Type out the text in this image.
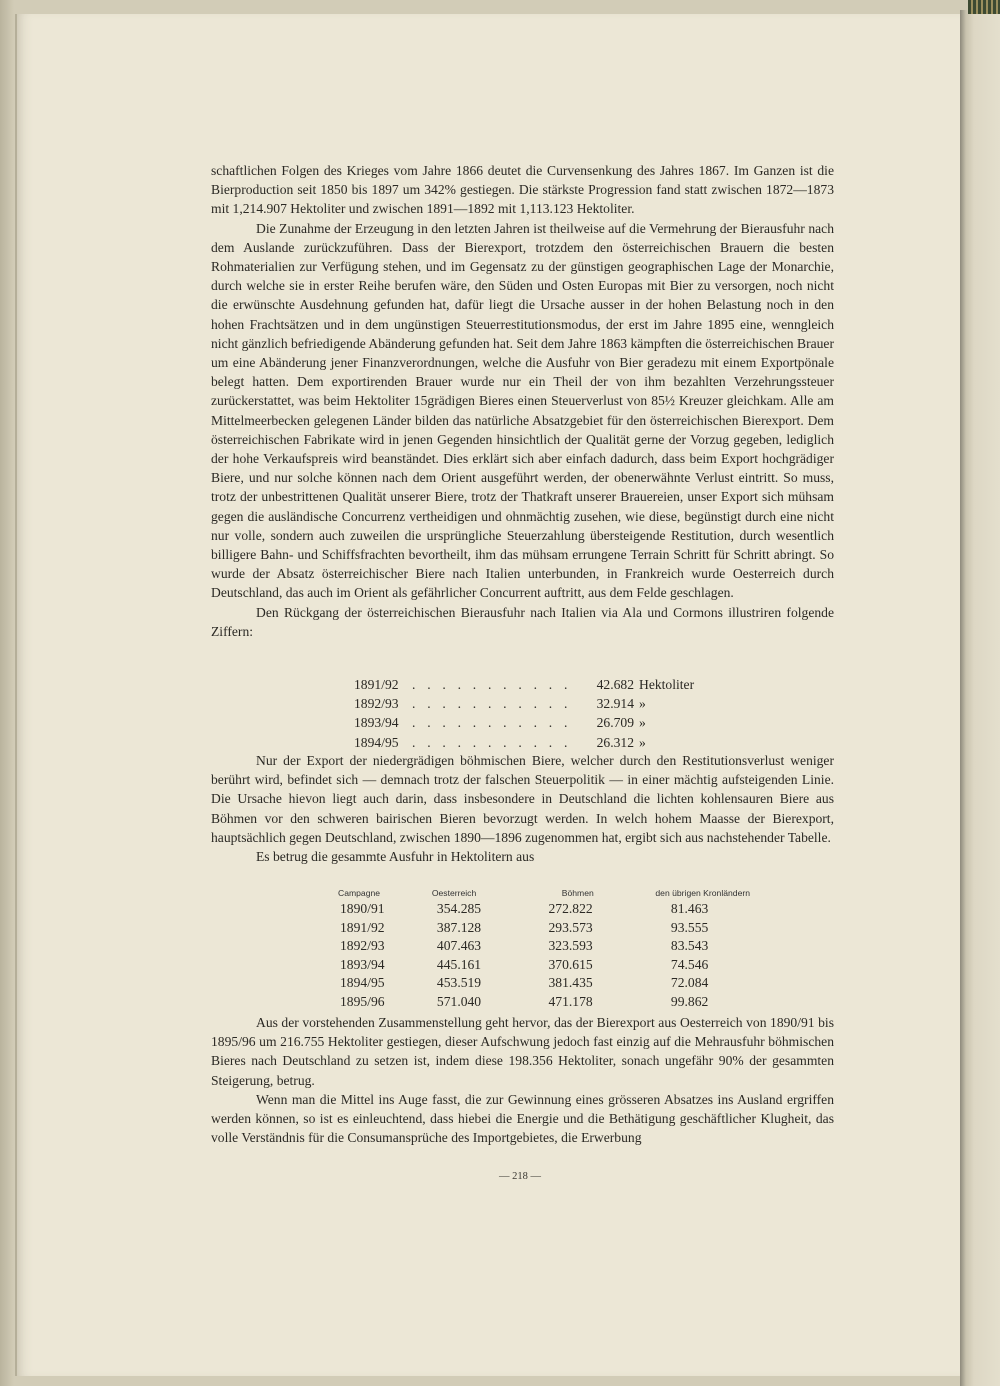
schaftlichen Folgen des Krieges vom Jahre 1866 deutet die Curvensenkung des Jahres 1867. Im Ganzen ist die Bierproduction seit 1850 bis 1897 um 342% gestiegen. Die stärkste Progression fand statt zwischen 1872—1873 mit 1,214.907 Hektoliter und zwischen 1891—1892 mit 1,113.123 Hektoliter.

Die Zunahme der Erzeugung in den letzten Jahren ist theilweise auf die Vermehrung der Bierausfuhr nach dem Auslande zurückzuführen. Dass der Bierexport, trotzdem den österreichischen Brauern die besten Rohmaterialien zur Verfügung stehen, und im Gegensatz zu der günstigen geographischen Lage der Monarchie, durch welche sie in erster Reihe berufen wäre, den Süden und Osten Europas mit Bier zu versorgen, noch nicht die erwünschte Ausdehnung gefunden hat, dafür liegt die Ursache ausser in der hohen Belastung noch in den hohen Frachtsätzen und in dem ungünstigen Steuerrestitutionsmodus, der erst im Jahre 1895 eine, wenngleich nicht gänzlich befriedigende Abänderung gefunden hat. Seit dem Jahre 1863 kämpften die österreichischen Brauer um eine Abänderung jener Finanzverordnungen, welche die Ausfuhr von Bier geradezu mit einem Exportpönale belegt hatten. Dem exportirenden Brauer wurde nur ein Theil der von ihm bezahlten Verzehrungssteuer zurückerstattet, was beim Hektoliter 15grädigen Bieres einen Steuerverlust von 85½ Kreuzer gleichkam. Alle am Mittelmeerbecken gelegenen Länder bilden das natürliche Absatzgebiet für den österreichischen Bierexport. Dem österreichischen Fabrikate wird in jenen Gegenden hinsichtlich der Qualität gerne der Vorzug gegeben, lediglich der hohe Verkaufspreis wird beanständet. Dies erklärt sich aber einfach dadurch, dass beim Export hochgrädiger Biere, und nur solche können nach dem Orient ausgeführt werden, der obenerwähnte Verlust eintritt. So muss, trotz der unbestrittenen Qualität unserer Biere, trotz der Thatkraft unserer Brauereien, unser Export sich mühsam gegen die ausländische Concurrenz vertheidigen und ohnmächtig zusehen, wie diese, begünstigt durch eine nicht nur volle, sondern auch zuweilen die ursprüngliche Steuerzahlung übersteigende Restitution, durch wesentlich billigere Bahn- und Schiffsfrachten bevortheilt, ihm das mühsam errungene Terrain Schritt für Schritt abringt. So wurde der Absatz österreichischer Biere nach Italien unterbunden, in Frankreich wurde Oesterreich durch Deutschland, das auch im Orient als gefährlicher Concurrent auftritt, aus dem Felde geschlagen.

Den Rückgang der österreichischen Bierausfuhr nach Italien via Ala und Cormons illustriren folgende Ziffern:

1891/92 . . . . . . . . . . .	42.682 Hektoliter
1892/93 . . . . . . . . . . .	32.914 »
1893/94 . . . . . . . . . . .	26.709 »
1894/95 . . . . . . . . . . .	26.312 »

Nur der Export der niedergrädigen böhmischen Biere, welcher durch den Restitutionsverlust weniger berührt wird, befindet sich — demnach trotz der falschen Steuerpolitik — in einer mächtig aufsteigenden Linie. Die Ursache hievon liegt auch darin, dass insbesondere in Deutschland die lichten kohlensauren Biere aus Böhmen vor den schweren bairischen Bieren bevorzugt werden. In welch hohem Maasse der Bierexport, hauptsächlich gegen Deutschland, zwischen 1890—1896 zugenommen hat, ergibt sich aus nachstehender Tabelle.

Es betrug die gesammte Ausfuhr in Hektolitern aus

Campagne	Oesterreich	Böhmen	den übrigen Kronländern
1890/91	354.285	272.822	81.463
1891/92	387.128	293.573	93.555
1892/93	407.463	323.593	83.543
1893/94	445.161	370.615	74.546
1894/95	453.519	381.435	72.084
1895/96	571.040	471.178	99.862

Aus der vorstehenden Zusammenstellung geht hervor, das der Bierexport aus Oesterreich von 1890/91 bis 1895/96 um 216.755 Hektoliter gestiegen, dieser Aufschwung jedoch fast einzig auf die Mehrausfuhr böhmischen Bieres nach Deutschland zu setzen ist, indem diese 198.356 Hektoliter, sonach ungefähr 90% der gesammten Steigerung, betrug.

Wenn man die Mittel ins Auge fasst, die zur Gewinnung eines grösseren Absatzes ins Ausland ergriffen werden können, so ist es einleuchtend, dass hiebei die Energie und die Bethätigung geschäftlicher Klugheit, das volle Verständnis für die Consumansprüche des Importgebietes, die Erwerbung

— 218 —
